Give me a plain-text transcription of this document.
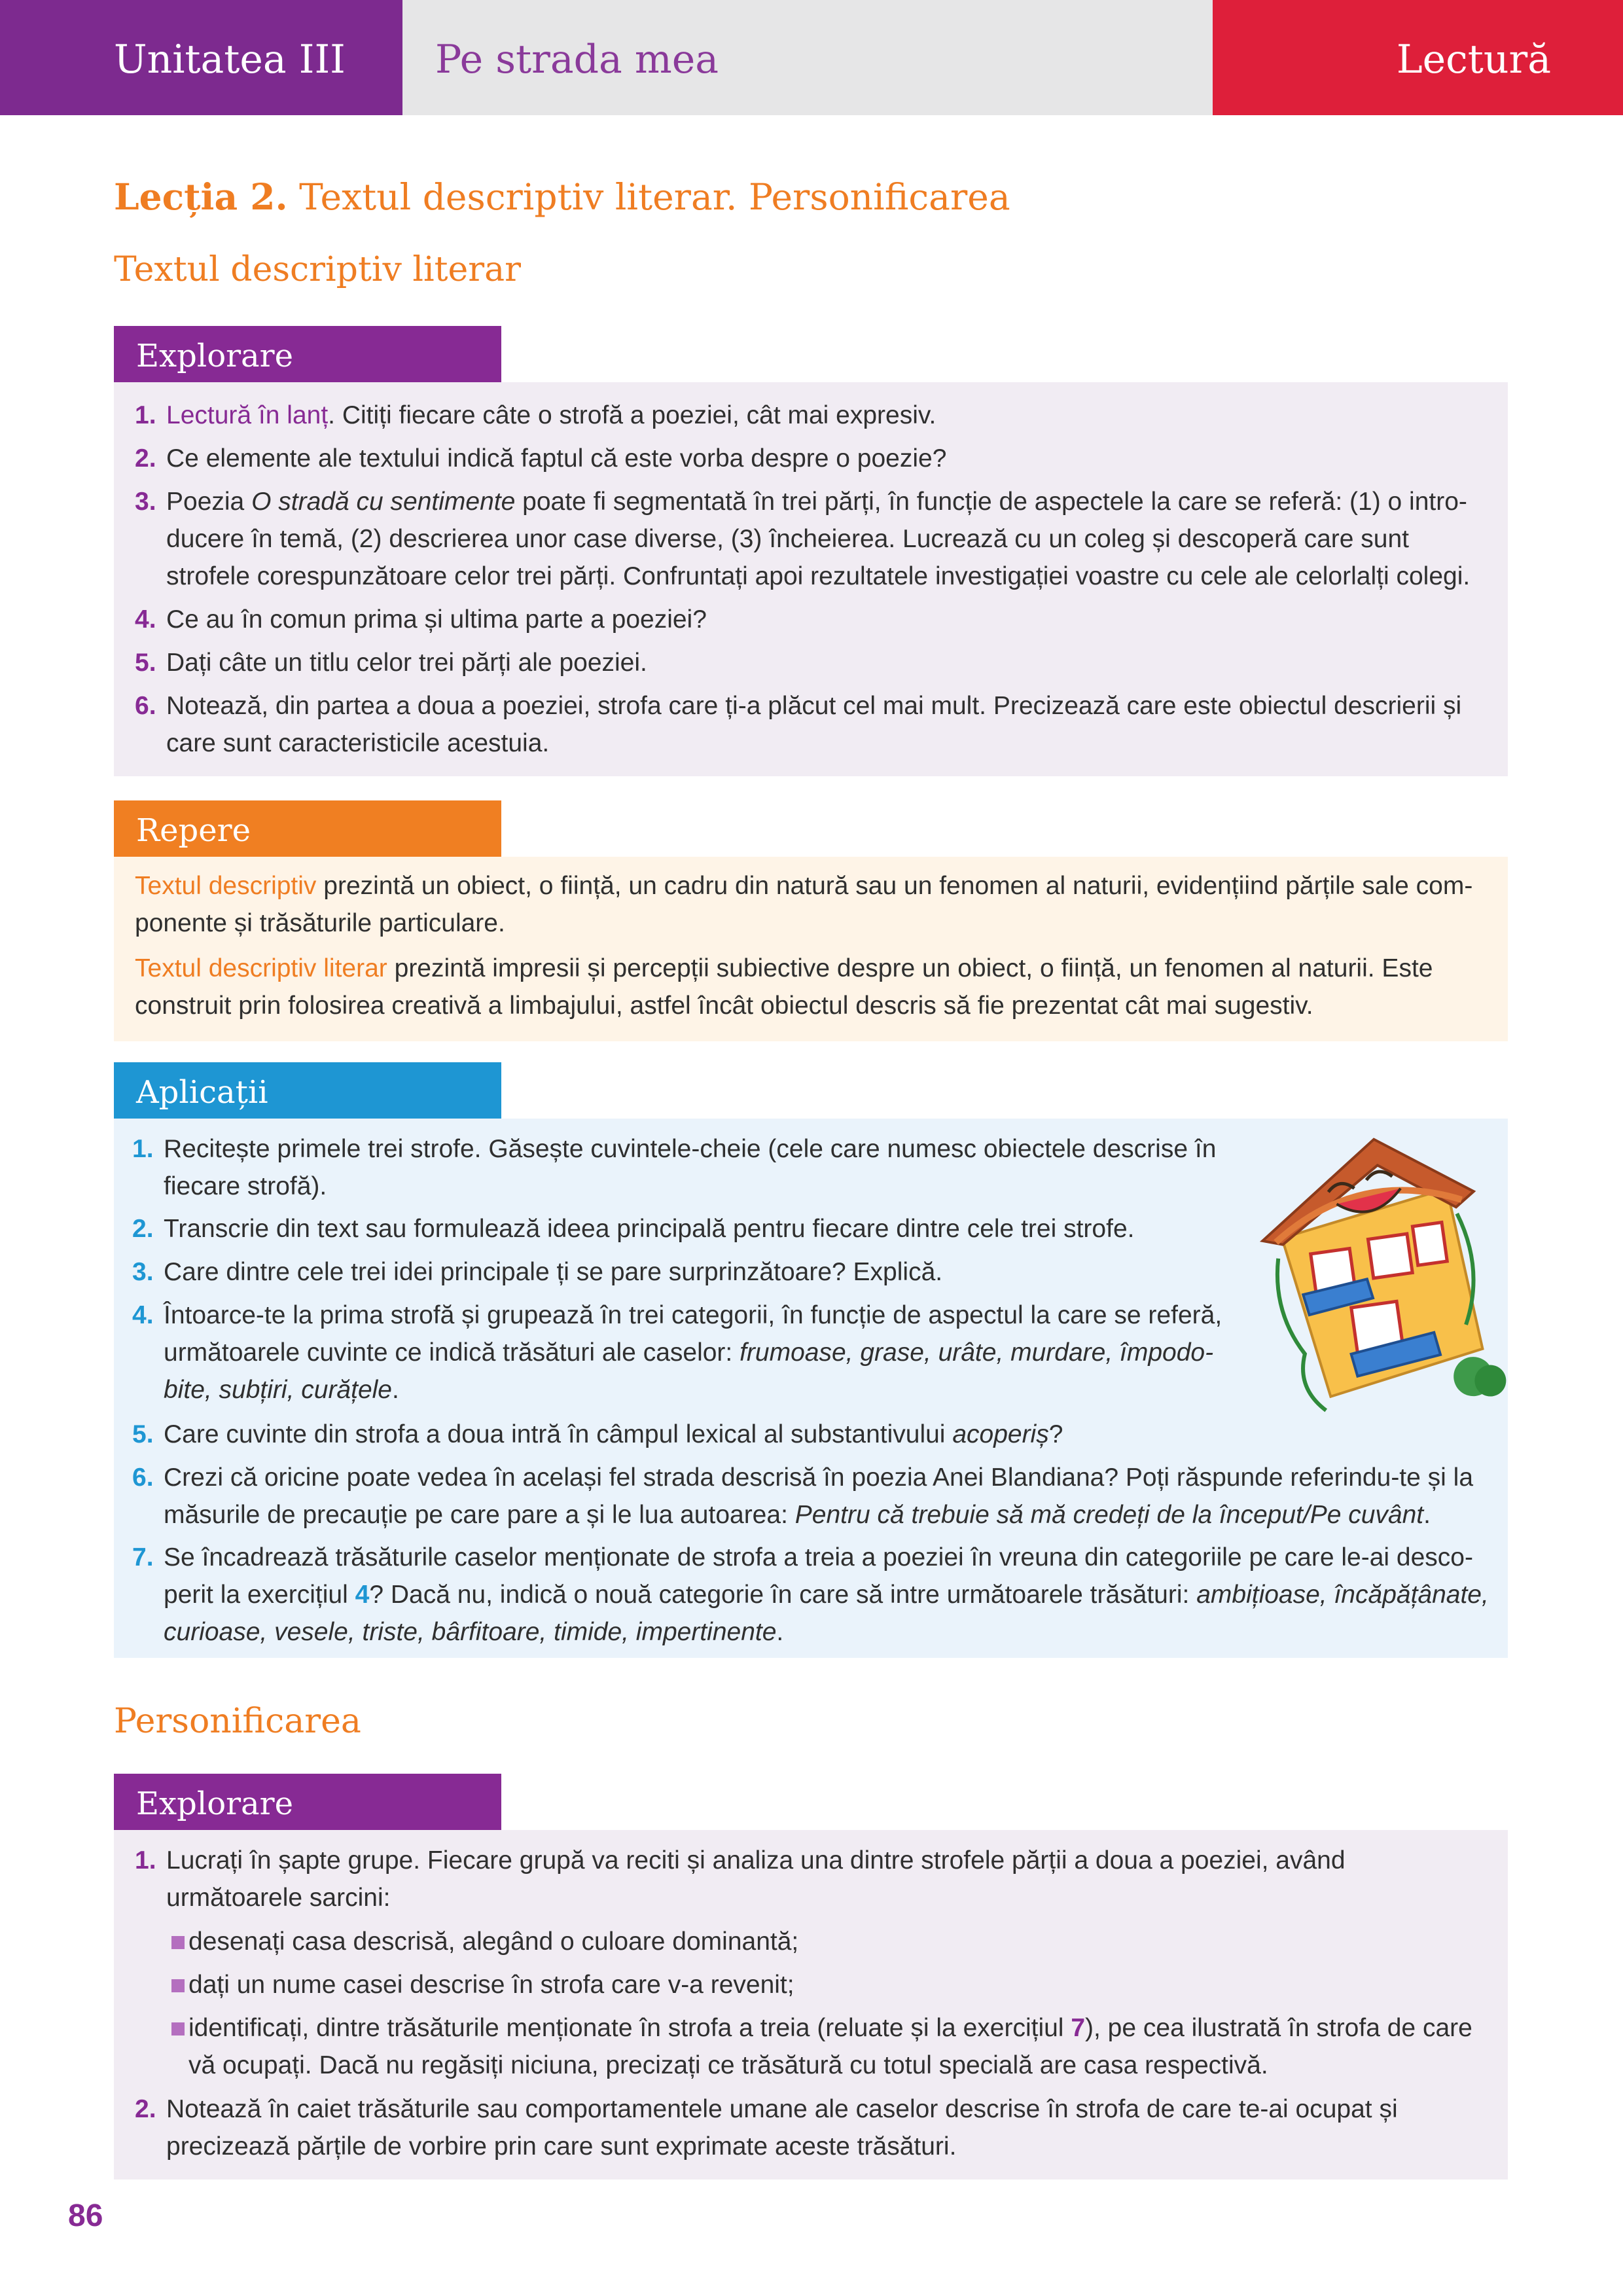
Unitatea III Pe strada mea	Lectură
Lecția 2. Textul descriptiv literar. Personificarea
Textul descriptiv literar
Explorare
1. Lectură în lanț. Citiți fiecare câte o strofă a poeziei, cât mai expresiv.
2. Ce elemente ale textului indică faptul că este vorba despre o poezie?
3. Poezia O stradă cu sentimente poate fi segmentată în trei părți, în funcție de aspectele la care se referă: (1) o intro-ducere în temă, (2) descrierea unor case diverse, (3) încheierea. Lucrează cu un coleg și descoperă care sunt strofele corespunzătoare celor trei părți. Confruntați apoi rezultatele investigației voastre cu cele ale celorlalți colegi.
4. Ce au în comun prima și ultima parte a poeziei?
5. Dați câte un titlu celor trei părți ale poeziei.
6. Notează, din partea a doua a poeziei, strofa care ți-a plăcut cel mai mult. Precizează care este obiectul descrierii și care sunt caracteristicile acestuia.
Repere
Textul descriptiv prezintă un obiect, o ființă, un cadru din natură sau un fenomen al naturii, evidențiind părțile sale com-ponente și trăsăturile particulare.
Textul descriptiv literar prezintă impresii și percepții subiective despre un obiect, o ființă, un fenomen al naturii. Este construit prin folosirea creativă a limbajului, astfel încât obiectul descris să fie prezentat cât mai sugestiv.
Aplicații
1. Recitește primele trei strofe. Găsește cuvintele-cheie (cele care numesc obiectele descrise în fiecare strofă).
2. Transcrie din text sau formulează ideea principală pentru fiecare dintre cele trei strofe.
3. Care dintre cele trei idei principale ți se pare surprinzătoare? Explică.
4. Întoarce-te la prima strofă și grupează în trei categorii, în funcție de aspectul la care se referă, următoarele cuvinte ce indică trăsături ale caselor: frumoase, grase, urâte, murdare, împodo-bite, subțiri, curățele.
5. Care cuvinte din strofa a doua intră în câmpul lexical al substantivului acoperiș?
6. Crezi că oricine poate vedea în același fel strada descrisă în poezia Anei Blandiana? Poți răspunde referindu-te și la măsurile de precauție pe care pare a și le lua autoarea: Pentru că trebuie să mă credeți de la început/Pe cuvânt.
7. Se încadrează trăsăturile caselor menționate de strofa a treia a poeziei în vreuna din categoriile pe care le-ai desco-perit la exercițiul 4? Dacă nu, indică o nouă categorie în care să intre următoarele trăsături: ambițioase, încăpățânate, curioase, vesele, triste, bârfitoare, timide, impertinente.
Personificarea
Explorare
1. Lucrați în șapte grupe. Fiecare grupă va reciti și analiza una dintre strofele părții a doua a poeziei, având următoarele sarcini:
desenați casa descrisă, alegând o culoare dominantă;
dați un nume casei descrise în strofa care v-a revenit;
identificați, dintre trăsăturile menționate în strofa a treia (reluate și la exercițiul 7), pe cea ilustrată în strofa de care vă ocupați. Dacă nu regăsiți niciuna, precizați ce trăsătură cu totul specială are casa respectivă.
2. Notează în caiet trăsăturile sau comportamentele umane ale caselor descrise în strofa de care te-ai ocupat și precizează părțile de vorbire prin care sunt exprimate aceste trăsături.
86
